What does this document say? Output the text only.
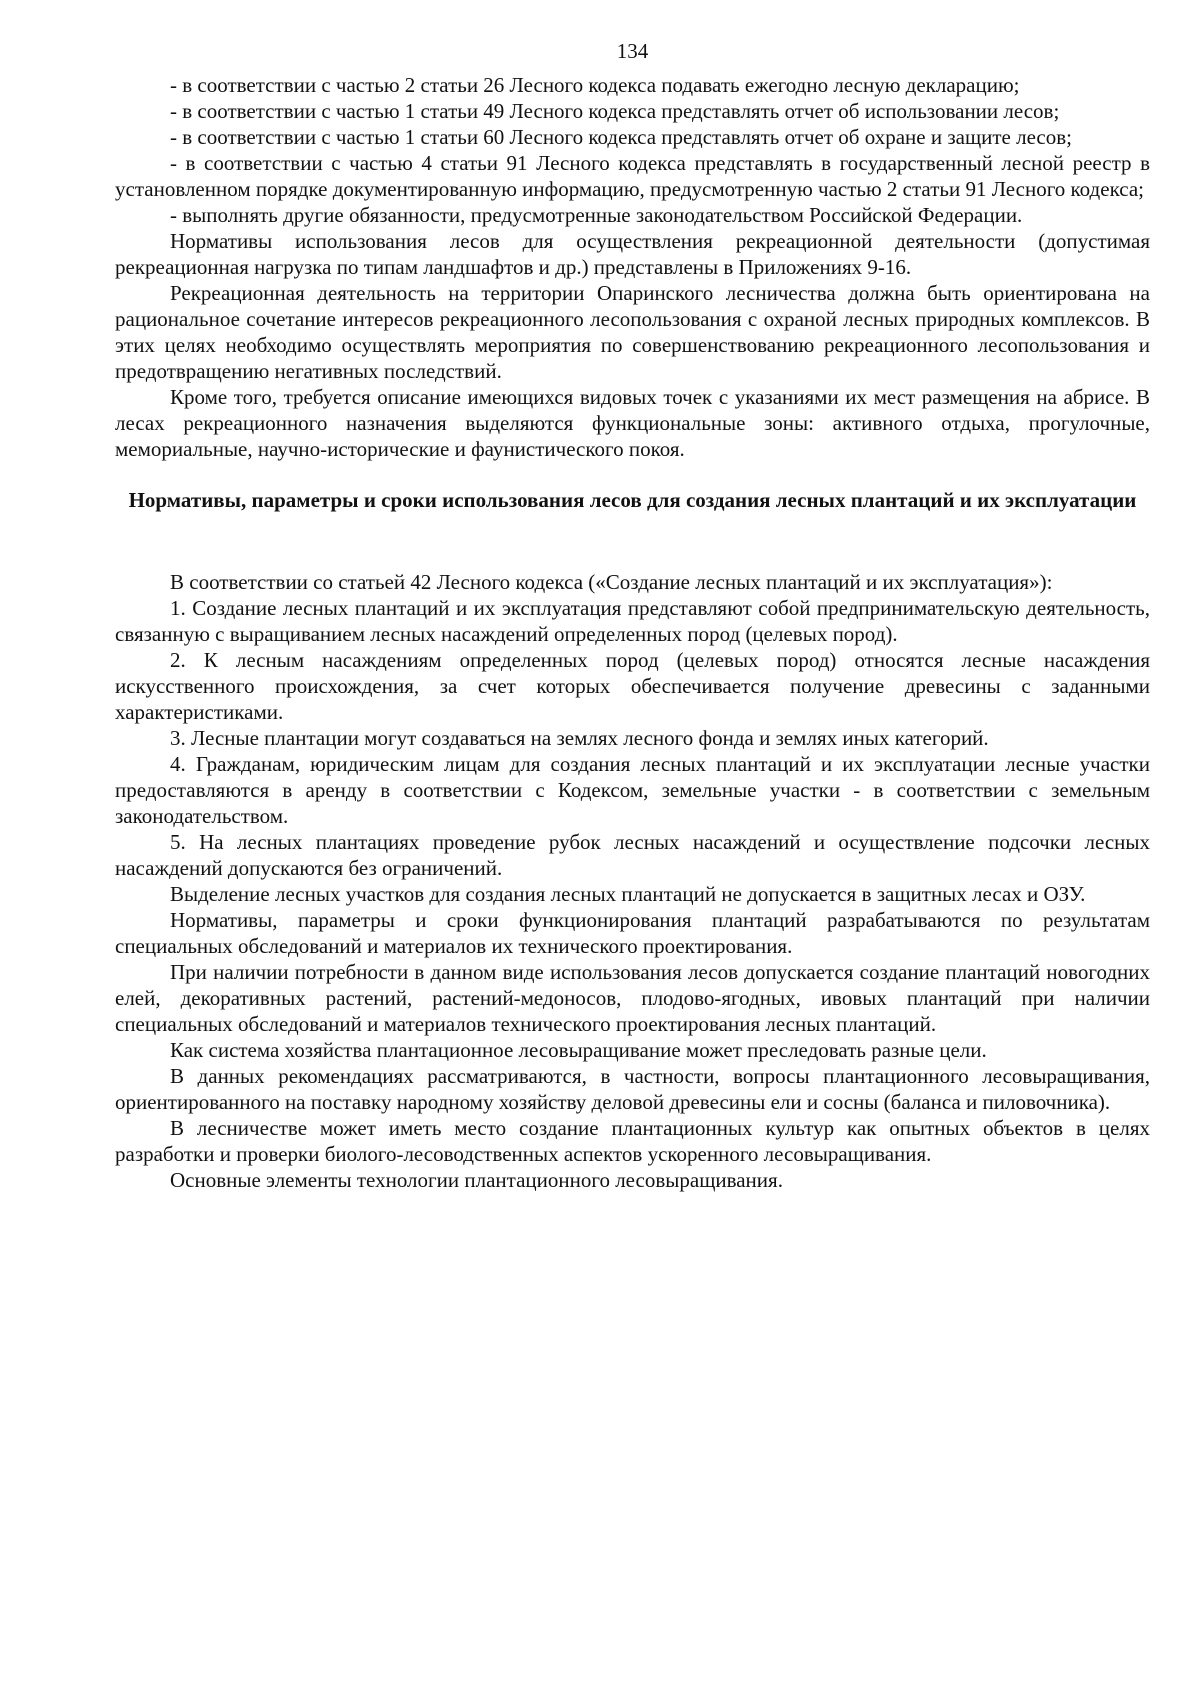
134

- в соответствии с частью 2 статьи 26 Лесного кодекса подавать ежегодно лесную декларацию;

- в соответствии с частью 1 статьи 49 Лесного кодекса представлять отчет об использовании лесов;

- в соответствии с частью 1 статьи 60 Лесного кодекса представлять отчет об охране и защите лесов;

- в соответствии с частью 4 статьи 91 Лесного кодекса представлять в государственный лесной реестр в установленном порядке документированную информацию, предусмотренную частью 2 статьи 91 Лесного кодекса;

- выполнять другие обязанности, предусмотренные законодательством Российской Федерации.

Нормативы использования лесов для осуществления рекреационной деятельности (допустимая рекреационная нагрузка по типам ландшафтов и др.) представлены в Приложениях 9-16.

Рекреационная деятельность на территории Опаринского лесничества должна быть ориентирована на рациональное сочетание интересов рекреационного лесопользования с охраной лесных природных комплексов. В этих целях необходимо осуществлять мероприятия по совершенствованию рекреационного лесопользования и предотвращению негативных последствий.

Кроме того, требуется описание имеющихся видовых точек с указаниями их мест размещения на абрисе. В лесах рекреационного назначения выделяются функциональные зоны: активного отдыха, прогулочные, мемориальные, научно-исторические и фаунистического покоя.

Нормативы, параметры и сроки использования лесов для создания лесных плантаций и их эксплуатации

В соответствии со статьей 42 Лесного кодекса («Создание лесных плантаций и их эксплуатация»):

1. Создание лесных плантаций и их эксплуатация представляют собой предпринимательскую деятельность, связанную с выращиванием лесных насаждений определенных пород (целевых пород).

2. К лесным насаждениям определенных пород (целевых пород) относятся лесные насаждения искусственного происхождения, за счет которых обеспечивается получение древесины с заданными характеристиками.

3. Лесные плантации могут создаваться на землях лесного фонда и землях иных категорий.

4. Гражданам, юридическим лицам для создания лесных плантаций и их эксплуатации лесные участки предоставляются в аренду в соответствии с Кодексом, земельные участки - в соответствии с земельным законодательством.

5. На лесных плантациях проведение рубок лесных насаждений и осуществление подсочки лесных насаждений допускаются без ограничений.

Выделение лесных участков для создания лесных плантаций не допускается в защитных лесах и ОЗУ.

Нормативы, параметры и сроки функционирования плантаций разрабатываются по результатам специальных обследований и материалов их технического проектирования.

При наличии потребности в данном виде использования лесов допускается создание плантаций новогодних елей, декоративных растений, растений-медоносов, плодово-ягодных, ивовых плантаций при наличии специальных обследований и материалов технического проектирования лесных плантаций.

Как система хозяйства плантационное лесовыращивание может преследовать разные цели.

В данных рекомендациях рассматриваются, в частности, вопросы плантационного лесовыращивания, ориентированного на поставку народному хозяйству деловой древесины ели и сосны (баланса и пиловочника).

В лесничестве может иметь место создание плантационных культур как опытных объектов в целях разработки и проверки биолого-лесоводственных аспектов ускоренного лесовыращивания.

Основные элементы технологии плантационного лесовыращивания.
